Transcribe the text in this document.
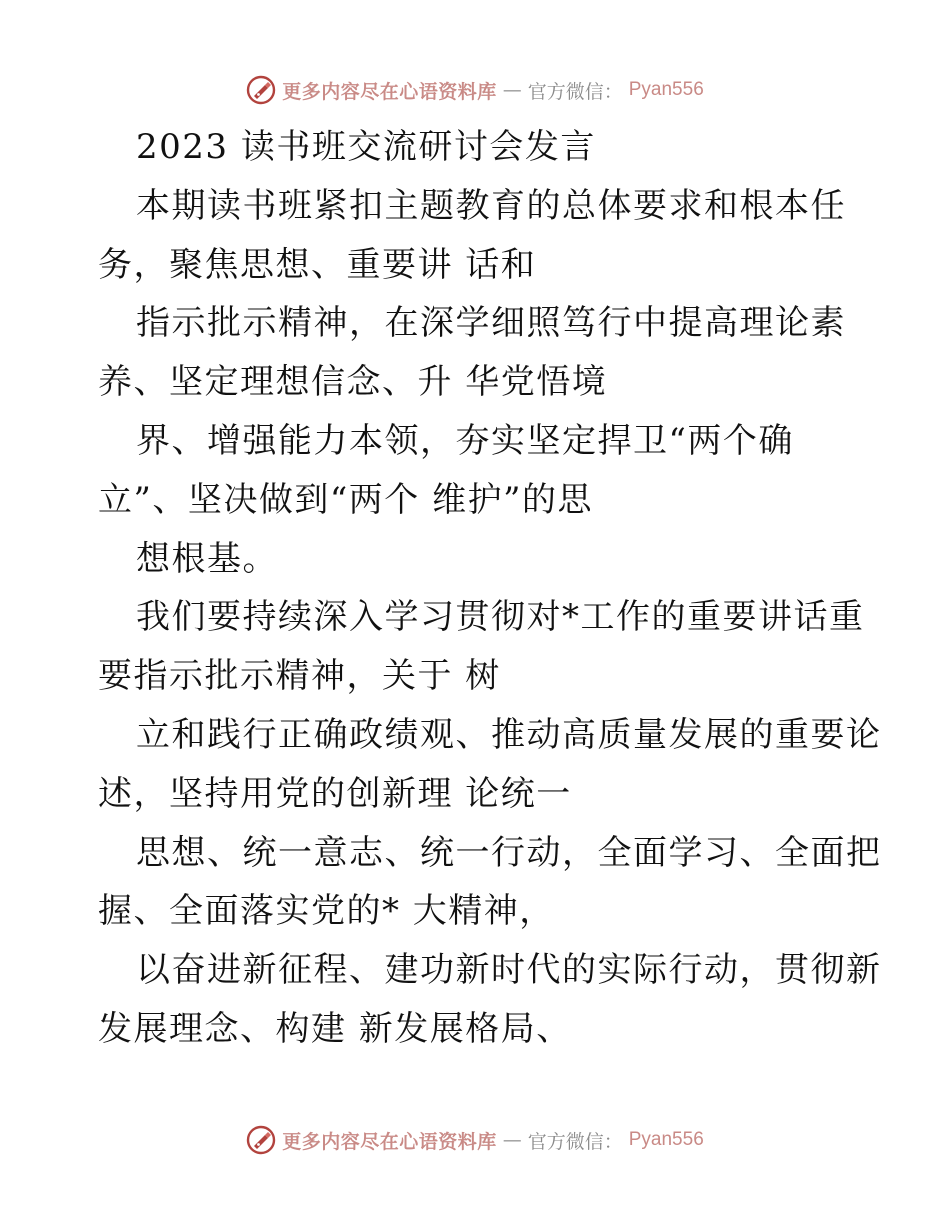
更多内容尽在心语资料库 — 官方微信： Pyan556
2023 读书班交流研讨会发言
本期读书班紧扣主题教育的总体要求和根本任
务，聚焦思想、重要讲 话和
指示批示精神，在深学细照笃行中提高理论素
养、坚定理想信念、升 华党悟境
界、增强能力本领，夯实坚定捍卫“两个确
立”、坚决做到“两个 维护”的思
想根基。
我们要持续深入学习贯彻对*工作的重要讲话重
要指示批示精神，关于 树
立和践行正确政绩观、推动高质量发展的重要论
述，坚持用党的创新理 论统一
思想、统一意志、统一行动，全面学习、全面把
握、全面落实党的* 大精神，
以奋进新征程、建功新时代的实际行动，贯彻新
发展理念、构建 新发展格局、
更多内容尽在心语资料库 — 官方微信： Pyan556
